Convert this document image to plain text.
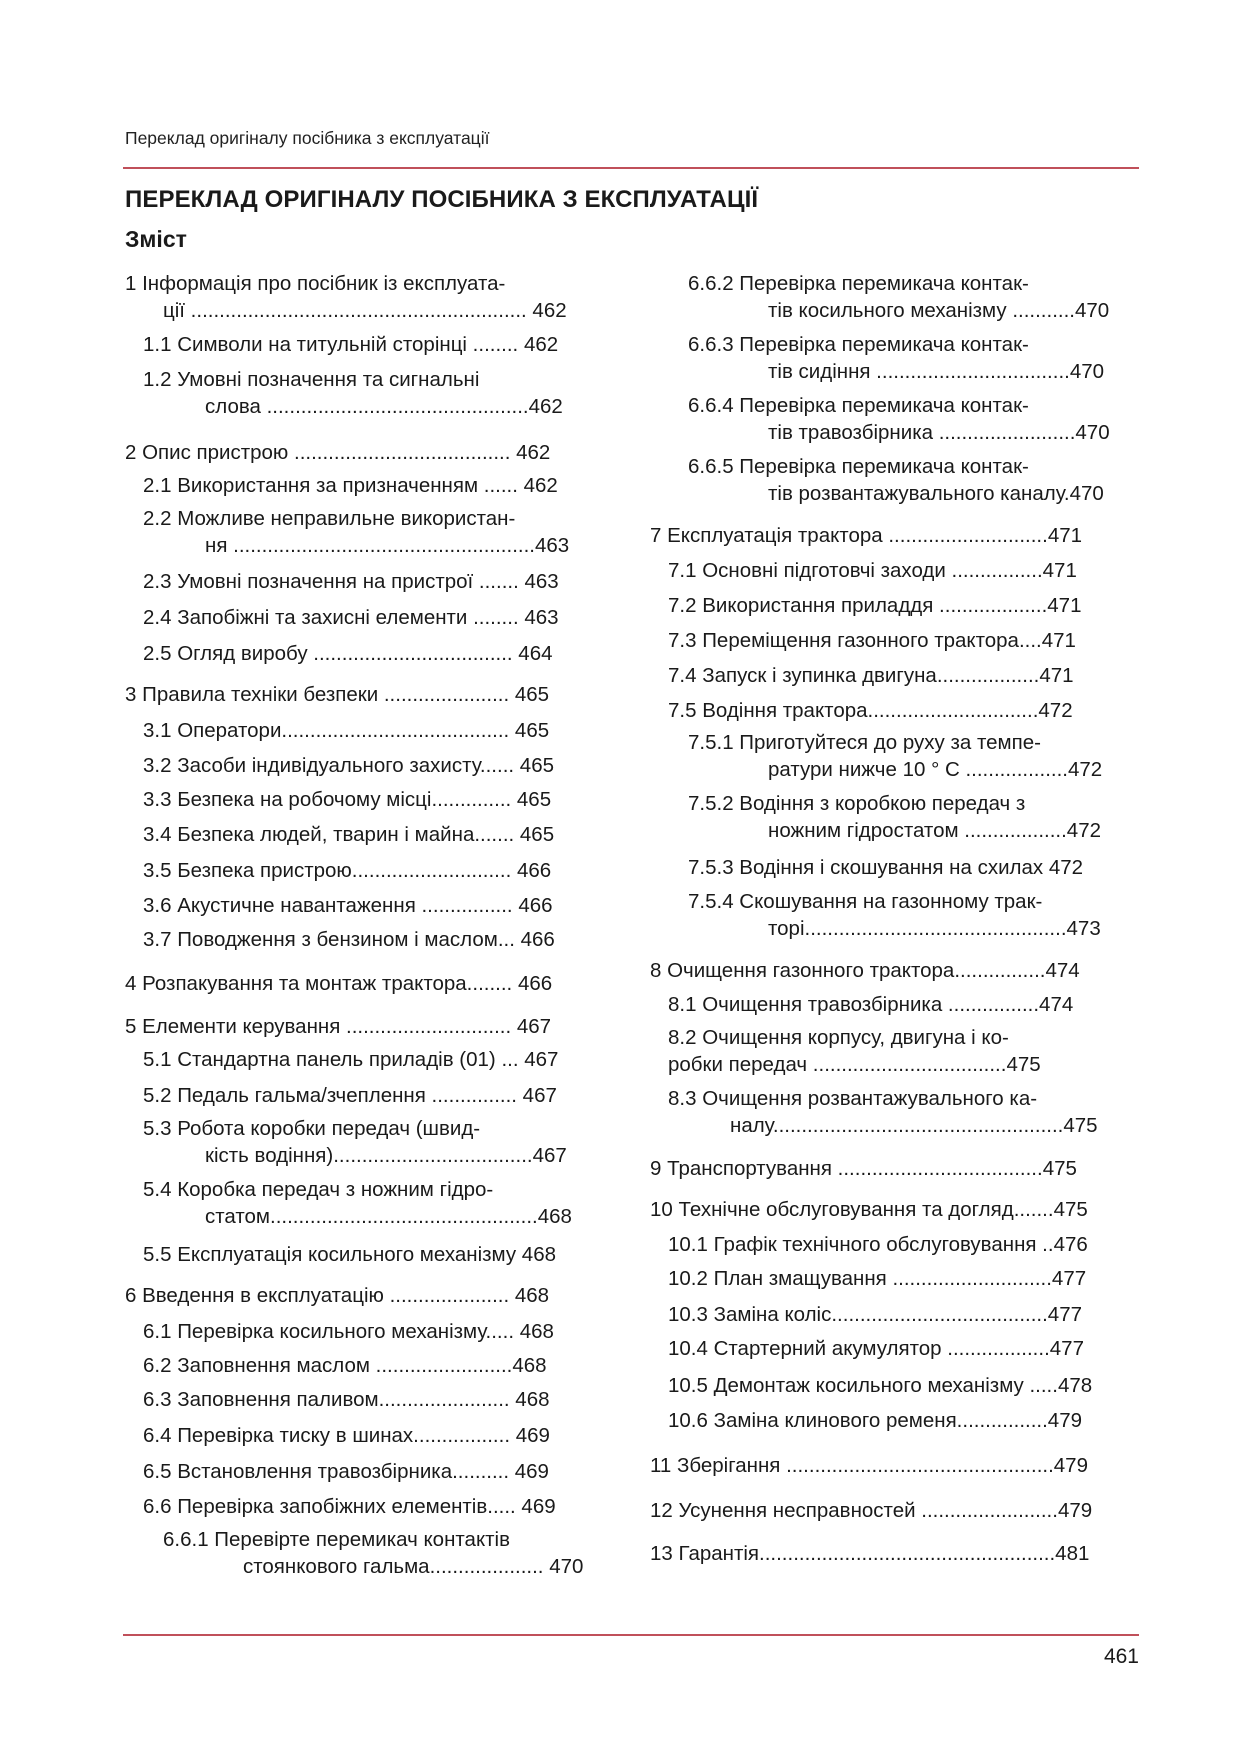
Переклад оригіналу посібника з експлуатації
ПЕРЕКЛАД ОРИГІНАЛУ ПОСІБНИКА З ЕКСПЛУАТАЦІЇ
Зміст
1 Інформація про посібник із експлуата-
ції ........................................................... 462
1.1 Символи на титульній сторінці ........ 462
1.2 Умовні позначення та сигнальні
слова ..............................................462
2 Опис пристрою ...................................... 462
2.1 Використання за призначенням ...... 462
2.2 Можливе неправильне використан-
ня .....................................................463
2.3 Умовні позначення на пристрої ....... 463
2.4 Запобіжні та захисні елементи ........ 463
2.5 Огляд виробу ................................... 464
3 Правила техніки безпеки ...................... 465
3.1 Оператори........................................ 465
3.2 Засоби індивідуального захисту...... 465
3.3 Безпека на робочому місці.............. 465
3.4 Безпека людей, тварин і майна....... 465
3.5 Безпека пристрою............................ 466
3.6 Акустичне навантаження ................ 466
3.7 Поводження з бензином і маслом... 466
4 Розпакування та монтаж трактора........ 466
5 Елементи керування ............................. 467
5.1 Стандартна панель приладів (01) ... 467
5.2 Педаль гальма/зчеплення ............... 467
5.3 Робота коробки передач (швид-
кість водіння)...................................467
5.4 Коробка передач з ножним гідро-
статом...............................................468
5.5 Експлуатація косильного механізму 468
6 Введення в експлуатацію ..................... 468
6.1 Перевірка косильного механізму..... 468
6.2 Заповнення маслом ........................468
6.3 Заповнення паливом....................... 468
6.4 Перевірка тиску в шинах................. 469
6.5 Встановлення травозбірника.......... 469
6.6 Перевірка запобіжних елементів..... 469
6.6.1 Перевірте перемикач контактів
стоянкового гальма.................... 470
6.6.2 Перевірка перемикача контак-
тів косильного механізму ...........470
6.6.3 Перевірка перемикача контак-
тів сидіння ..................................470
6.6.4 Перевірка перемикача контак-
тів травозбірника ........................470
6.6.5 Перевірка перемикача контак-
тів розвантажувального каналу.470
7 Експлуатація трактора ............................471
7.1 Основні підготовчі заходи ................471
7.2 Використання приладдя ...................471
7.3 Переміщення газонного трактора....471
7.4 Запуск і зупинка двигуна..................471
7.5 Водіння трактора..............................472
7.5.1 Приготуйтеся до руху за темпе-
ратури нижче 10 ° С ..................472
7.5.2 Водіння з коробкою передач з
ножним гідростатом ..................472
7.5.3 Водіння і скошування на схилах 472
7.5.4 Скошування на газонному трак-
торі..............................................473
8 Очищення газонного трактора................474
8.1 Очищення травозбірника ................474
8.2 Очищення корпусу, двигуна і ко-
робки передач ..................................475
8.3 Очищення розвантажувального ка-
налу...................................................475
9 Транспортування ....................................475
10 Технічне обслуговування та догляд.......475
10.1 Графік технічного обслуговування ..476
10.2 План змащування ............................477
10.3 Заміна коліс......................................477
10.4 Стартерний акумулятор ..................477
10.5 Демонтаж косильного механізму .....478
10.6 Заміна клинового ременя................479
11 Зберігання ...............................................479
12 Усунення несправностей ........................479
13 Гарантія....................................................481
461
